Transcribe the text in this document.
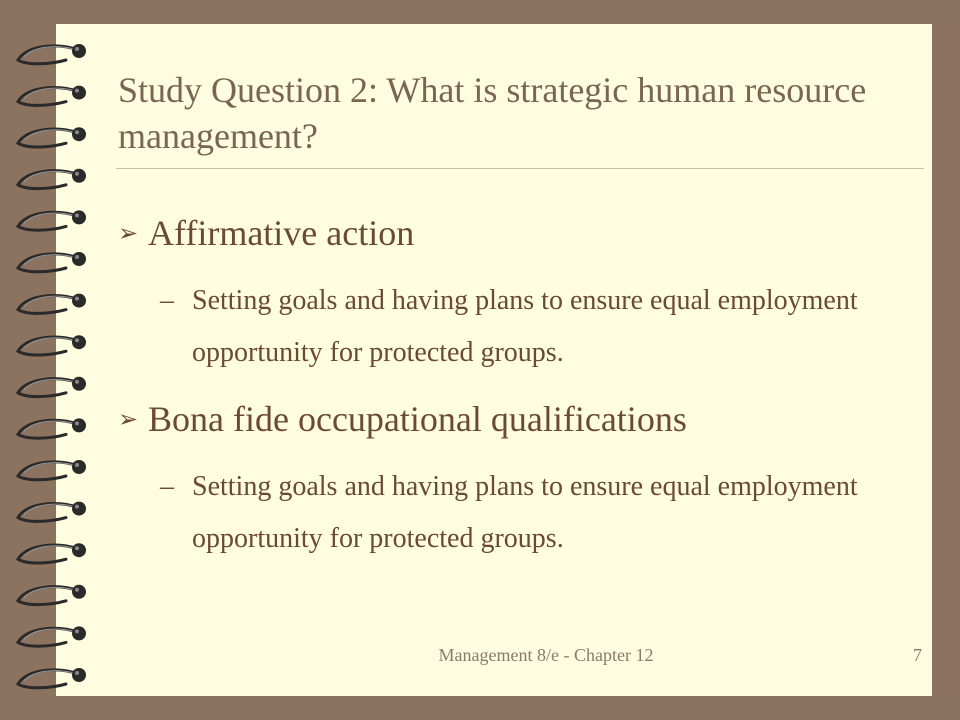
Study Question 2: What is strategic human resource management?
➢ Affirmative action
– Setting goals and having plans to ensure equal employment opportunity for protected groups.
➢ Bona fide occupational qualifications
– Setting goals and having plans to ensure equal employment opportunity for protected groups.
Management 8/e - Chapter 12	7
